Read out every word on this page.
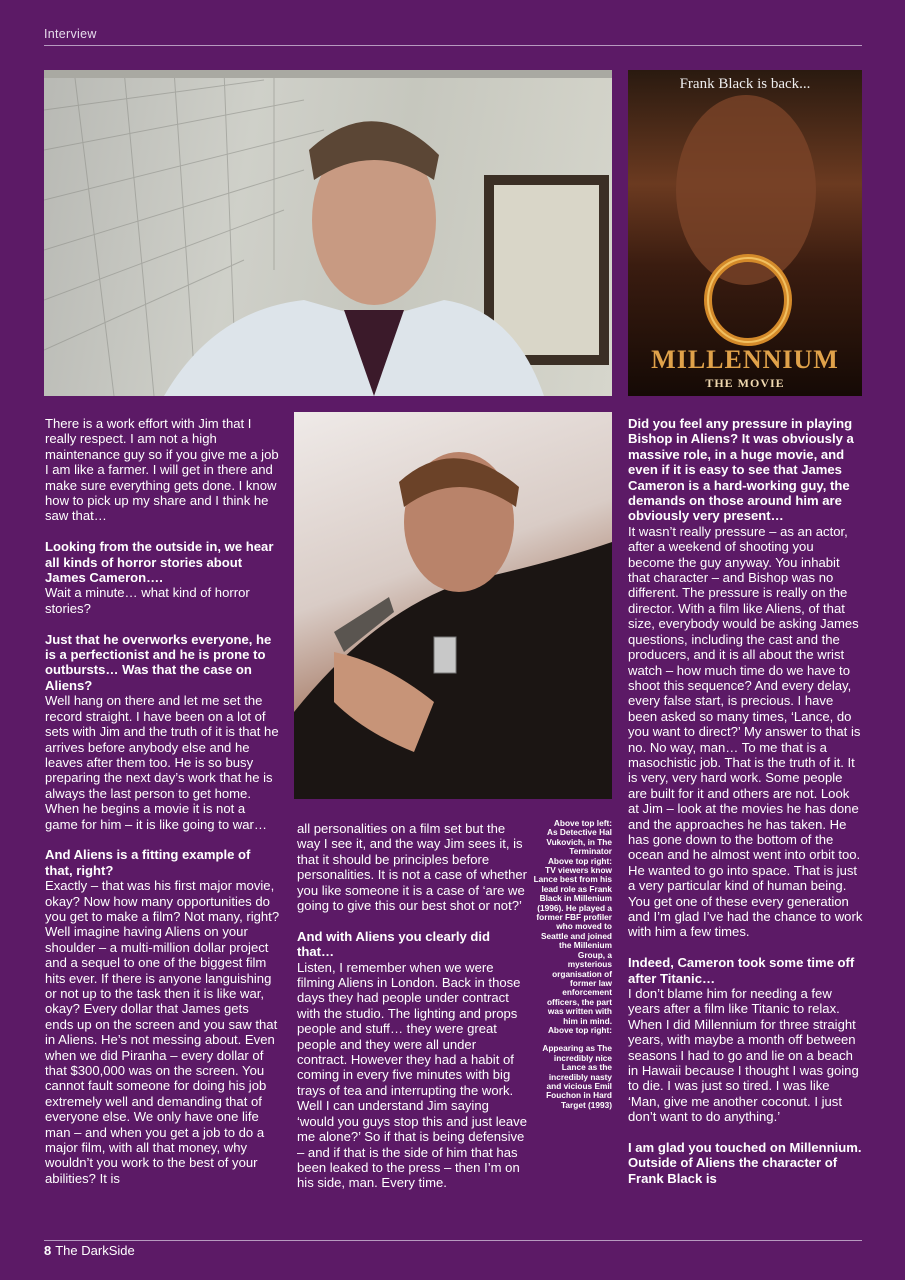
Interview
Frank Black is back...
MILLENNIUM
THE MOVIE

There is a work effort with Jim that I really respect. I am not a high maintenance guy so if you give me a job I am like a farmer. I will get in there and make sure everything gets done. I know how to pick up my share and I think he saw that…

Looking from the outside in, we hear all kinds of horror stories about James Cameron….
Wait a minute… what kind of horror stories?

Just that he overworks everyone, he is a perfectionist and he is prone to outbursts… Was that the case on Aliens?
Well hang on there and let me set the record straight. I have been on a lot of sets with Jim and the truth of it is that he arrives before anybody else and he leaves after them too. He is so busy preparing the next day’s work that he is always the last person to get home. When he begins a movie it is not a game for him – it is like going to war…

And Aliens is a fitting example of that, right?
Exactly – that was his first major movie, okay? Now how many opportunities do you get to make a film? Not many, right? Well imagine having Aliens on your shoulder – a multi-million dollar project and a sequel to one of the biggest film hits ever. If there is anyone languishing or not up to the task then it is like war, okay? Every dollar that James gets ends up on the screen and you saw that in Aliens. He’s not messing about. Even when we did Piranha – every dollar of that $300,000 was on the screen. You cannot fault someone for doing his job extremely well and demanding that of everyone else. We only have one life man – and when you get a job to do a major film, with all that money, why wouldn’t you work to the best of your abilities? It is

all personalities on a film set but the way I see it, and the way Jim sees it, is that it should be principles before personalities. It is not a case of whether you like someone it is a case of ‘are we going to give this our best shot or not?’

And with Aliens you clearly did that…
Listen, I remember when we were filming Aliens in London. Back in those days they had people under contract with the studio. The lighting and props people and stuff… they were great people and they were all under contract. However they had a habit of coming in every five minutes with big trays of tea and interrupting the work. Well I can understand Jim saying ‘would you guys stop this and just leave me alone?’ So if that is being defensive – and if that is the side of him that has been leaked to the press – then I’m on his side, man. Every time.

Above top left:
As Detective Hal Vukovich, in The Terminator
Above top right:
TV viewers know Lance best from his lead role as Frank Black in Millenium (1996). He played a former FBF profiler who moved to Seattle and joined the Millenium Group, a mysterious organisation of former law enforcement officers, the part was written with him in mind.
Above top right:
Appearing as The incredibly nice Lance as the incredibly nasty and vicious Emil Fouchon in Hard Target (1993)

Did you feel any pressure in playing Bishop in Aliens? It was obviously a massive role, in a huge movie, and even if it is easy to see that James Cameron is a hard-working guy, the demands on those around him are obviously very present…
It wasn’t really pressure – as an actor, after a weekend of shooting you become the guy anyway. You inhabit that character – and Bishop was no different. The pressure is really on the director. With a film like Aliens, of that size, everybody would be asking James questions, including the cast and the producers, and it is all about the wrist watch – how much time do we have to shoot this sequence? And every delay, every false start, is precious. I have been asked so many times, ‘Lance, do you want to direct?’ My answer to that is no. No way, man… To me that is a masochistic job. That is the truth of it. It is very, very hard work. Some people are built for it and others are not. Look at Jim – look at the movies he has done and the approaches he has taken. He has gone down to the bottom of the ocean and he almost went into orbit too. He wanted to go into space. That is just a very particular kind of human being. You get one of these every generation and I’m glad I’ve had the chance to work with him a few times.

Indeed, Cameron took some time off after Titanic…
I don’t blame him for needing a few years after a film like Titanic to relax. When I did Millennium for three straight years, with maybe a month off between seasons I had to go and lie on a beach in Hawaii because I thought I was going to die. I was just so tired. I was like ‘Man, give me another coconut. I just don’t want to do anything.’

I am glad you touched on Millennium. Outside of Aliens the character of Frank Black is

8 The DarkSide
